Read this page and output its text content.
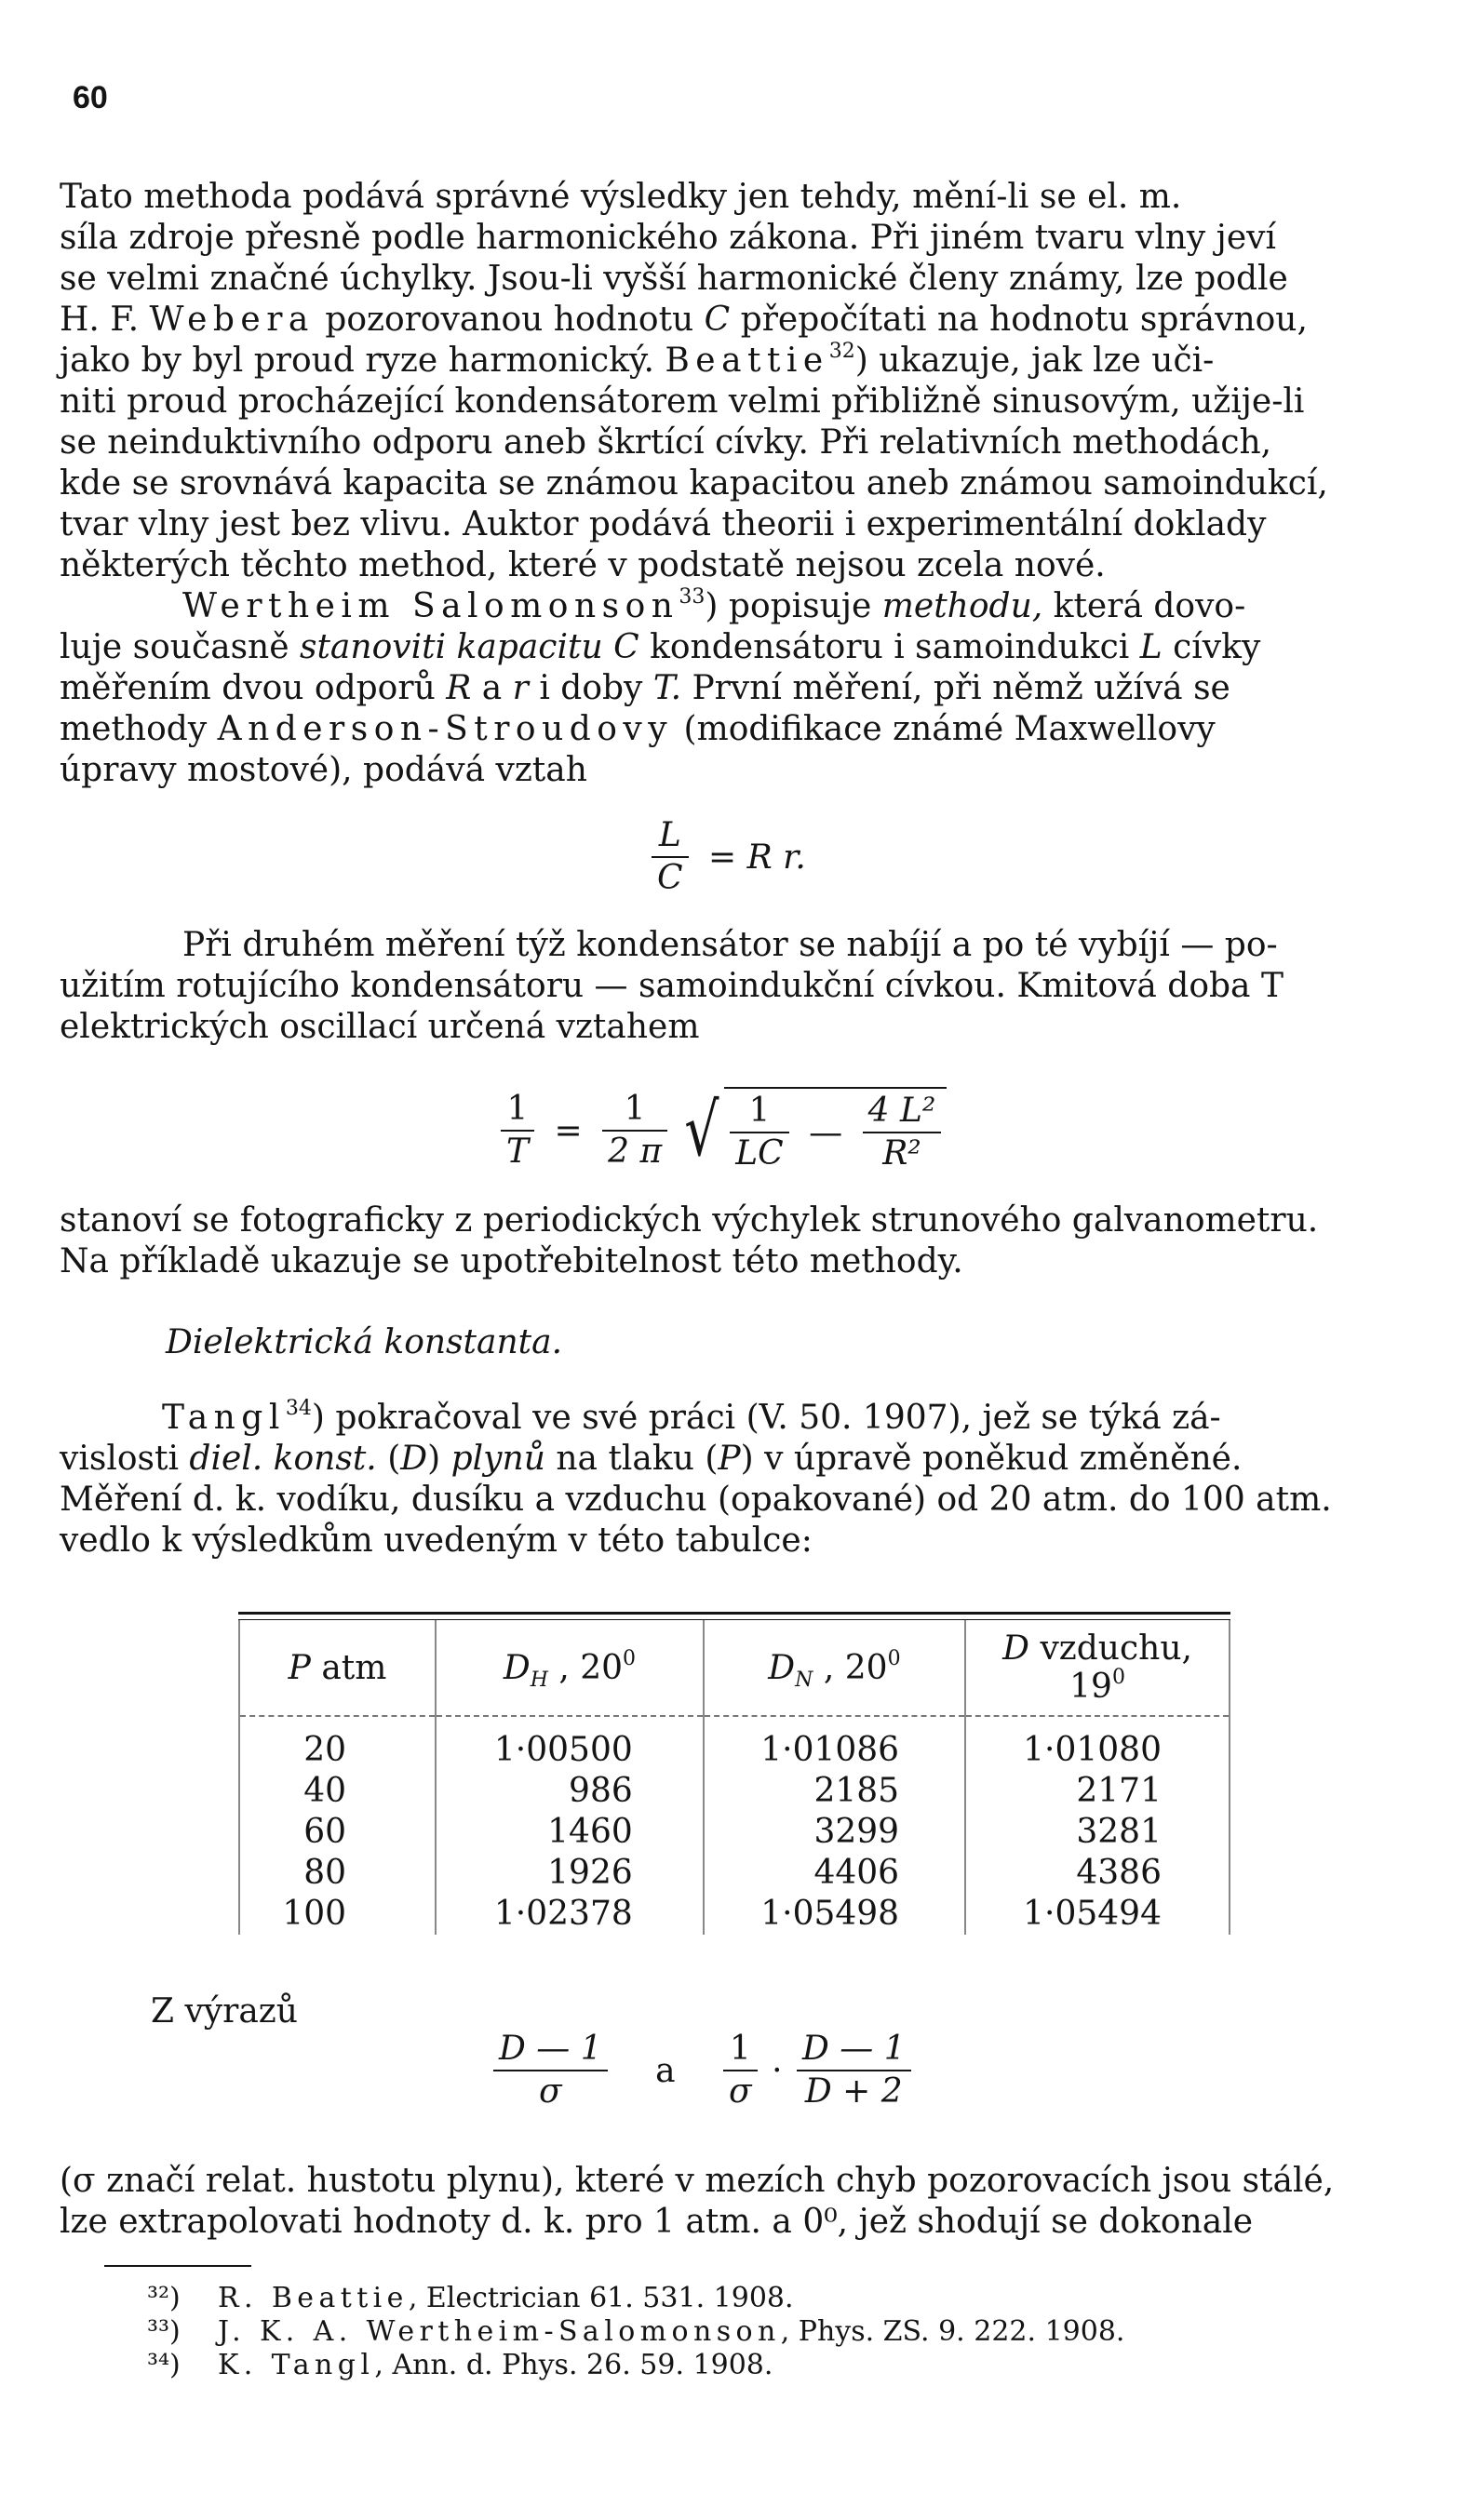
60
Tato methoda podává správné výsledky jen tehdy, mění-li se el. m.
síla zdroje přesně podle harmonického zákona. Při jiném tvaru vlny jeví
se velmi značné úchylky. Jsou-li vyšší harmonické členy známy, lze podle
H. F. Webera pozorovanou hodnotu C přepočítati na hodnotu správnou,
jako by byl proud ryze harmonický. Beattie$^{32}$) ukazuje, jak lze uči-
niti proud procházející kondensátorem velmi přibližně sinusovým, užije-li
se neinduktivního odporu aneb škrtící cívky. Při relativních methodách,
kde se srovnává kapacita se známou kapacitou aneb známou samoindukcí,
tvar vlny jest bez vlivu. Auktor podává theorii i experimentální doklady
některých těchto method, které v podstatě nejsou zcela nové.
Wertheim Salomonson$^{33}$) popisuje methodu, která dovo-
luje současně stanoviti kapacitu C kondensátoru i samoindukci L cívky
měřením dvou odporů R a r i doby T. První měření, při němž užívá se
methody Anderson-Stroudovy (modifikace známé Maxwellovy
úpravy mostové), podává vztah
$\frac{L}{C} = R$ r.
Při druhém měření týž kondensátor se nabíjí a po té vybíjí — po-
užitím rotujícího kondensátoru — samoindukční cívkou. Kmitová doba T
elektrických oscillací určená vztahem
$\frac{1}{T} = \frac{1}{2 \pi}$ √ $\frac{1}{LC}$ — $\frac{\text{4 L²}}{\text{R²}}$
stanoví se fotograficky z periodických výchylek strunového galvanometru.
Na příkladě ukazuje se upotřebitelnost této methody.
Dielektrická konstanta.
Tangl$^{34}$) pokračoval ve své práci (V. 50. 1907), jež se týká zá-
vislosti diel. konst. (D) plynů na tlaku (P) v úpravě poněkud změněné.
Měření d. k. vodíku, dusíku a vzduchu (opakované) od 20 atm. do 100 atm.
vedlo k výsledkům uvedeným v této tabulce:
P atm	$D_H$ , $20^0$	$D_N$ , $20^0$	D vzduchu,
$19^0$
20	1·00500	1·01086	1·01080
40	986	2185	2171
60	1460	3299	3281
80	1926	4406	4386
100	1·02378	1·05498	1·05494
Z výrazů
$\frac{D — 1}{\sigma}$ a $\frac{1}{\sigma} \cdot \frac{D — 1}{D + 2}$
(σ značí relat. hustotu plynu), které v mezích chyb pozorovacích jsou stálé,
lze extrapolovati hodnoty d. k. pro 1 atm. a 0⁰, jež shodují se dokonale
³²) R. Beattie, Electrician 61. 531. 1908.
³³) J. K. A. Wertheim-Salomonson, Phys. ZS. 9. 222. 1908.
³⁴) K. Tangl, Ann. d. Phys. 26. 59. 1908.
